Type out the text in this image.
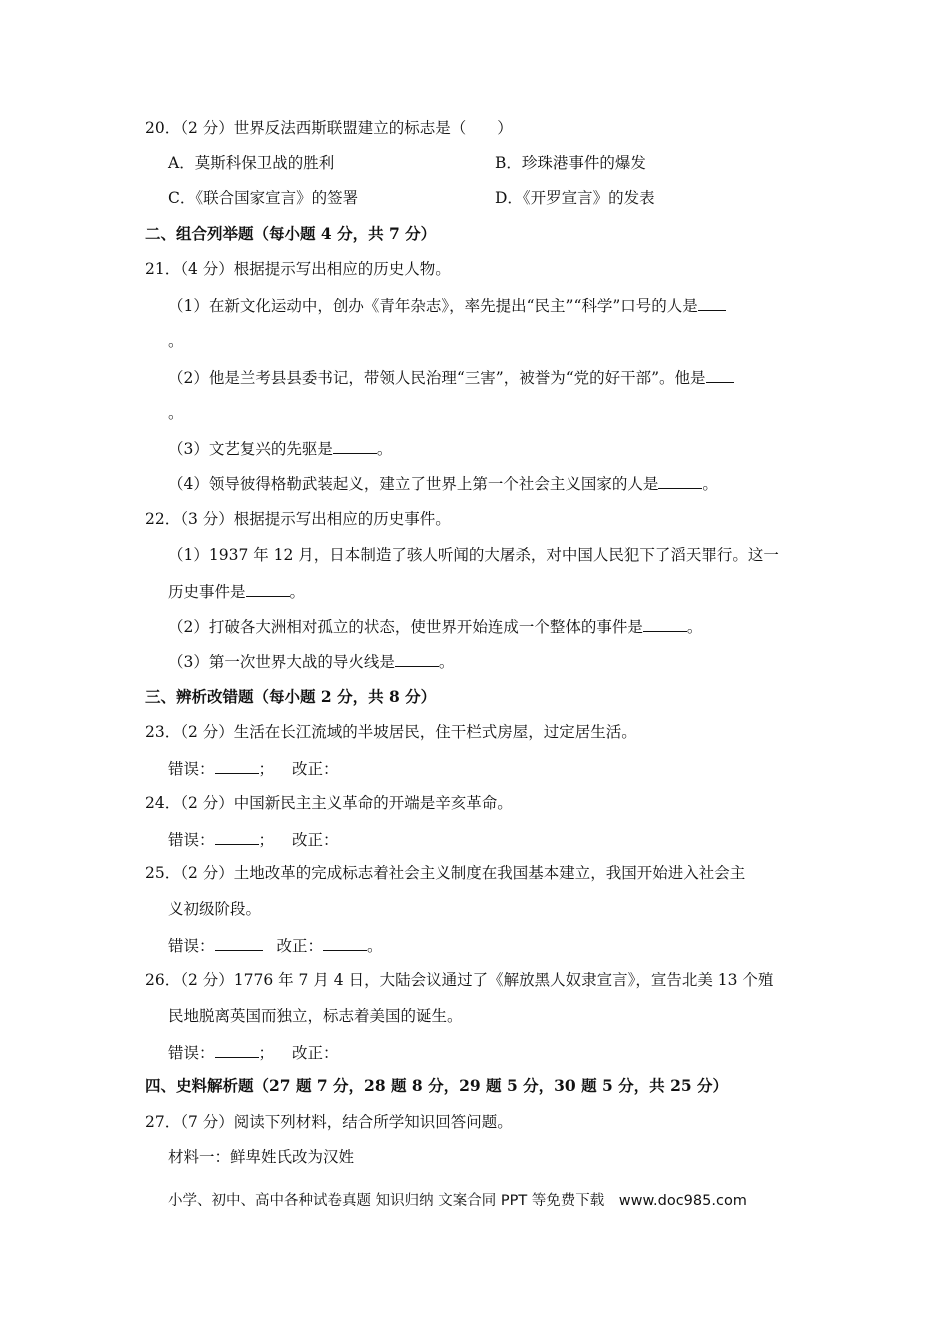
20．（2 分）世界反法西斯联盟建立的标志是（　　）
A．莫斯科保卫战的胜利	B．珍珠港事件的爆发
C．《联合国家宣言》的签署	D．《开罗宣言》的发表
二、组合列举题（每小题 4 分，共 7 分）
21．（4 分）根据提示写出相应的历史人物。
（1）在新文化运动中，创办《青年杂志》，率先提出“民主”“科学”口号的人是
。
（2）他是兰考县县委书记，带领人民治理“三害”，被誉为“党的好干部”。他是
。
（3）文艺复兴的先驱是	。
（4）领导彼得格勒武装起义，建立了世界上第一个社会主义国家的人是	。
22．（3 分）根据提示写出相应的历史事件。
（1）1937 年 12 月，日本制造了骇人听闻的大屠杀，对中国人民犯下了滔天罪行。这一
历史事件是	。
（2）打破各大洲相对孤立的状态，使世界开始连成一个整体的事件是	。
（3）第一次世界大战的导火线是	。
三、辨析改错题（每小题 2 分，共 8 分）
23．（2 分）生活在长江流域的半坡居民，住干栏式房屋，过定居生活。
错误：	； 改正：
24．（2 分）中国新民主主义革命的开端是辛亥革命。
错误：	； 改正：
25．（2 分）土地改革的完成标志着社会主义制度在我国基本建立，我国开始进入社会主
义初级阶段。
错误：	改正：	。
26．（2 分）1776 年 7 月 4 日，大陆会议通过了《解放黑人奴隶宣言》，宣告北美 13 个殖
民地脱离英国而独立，标志着美国的诞生。
错误：	； 改正：
四、史料解析题（27 题 7 分，28 题 8 分，29 题 5 分，30 题 5 分，共 25 分）
27．（7 分）阅读下列材料，结合所学知识回答问题。
材料一：鲜卑姓氏改为汉姓
小学、初中、高中各种试卷真题 知识归纳 文案合同 PPT 等免费下载　www.doc985.com
